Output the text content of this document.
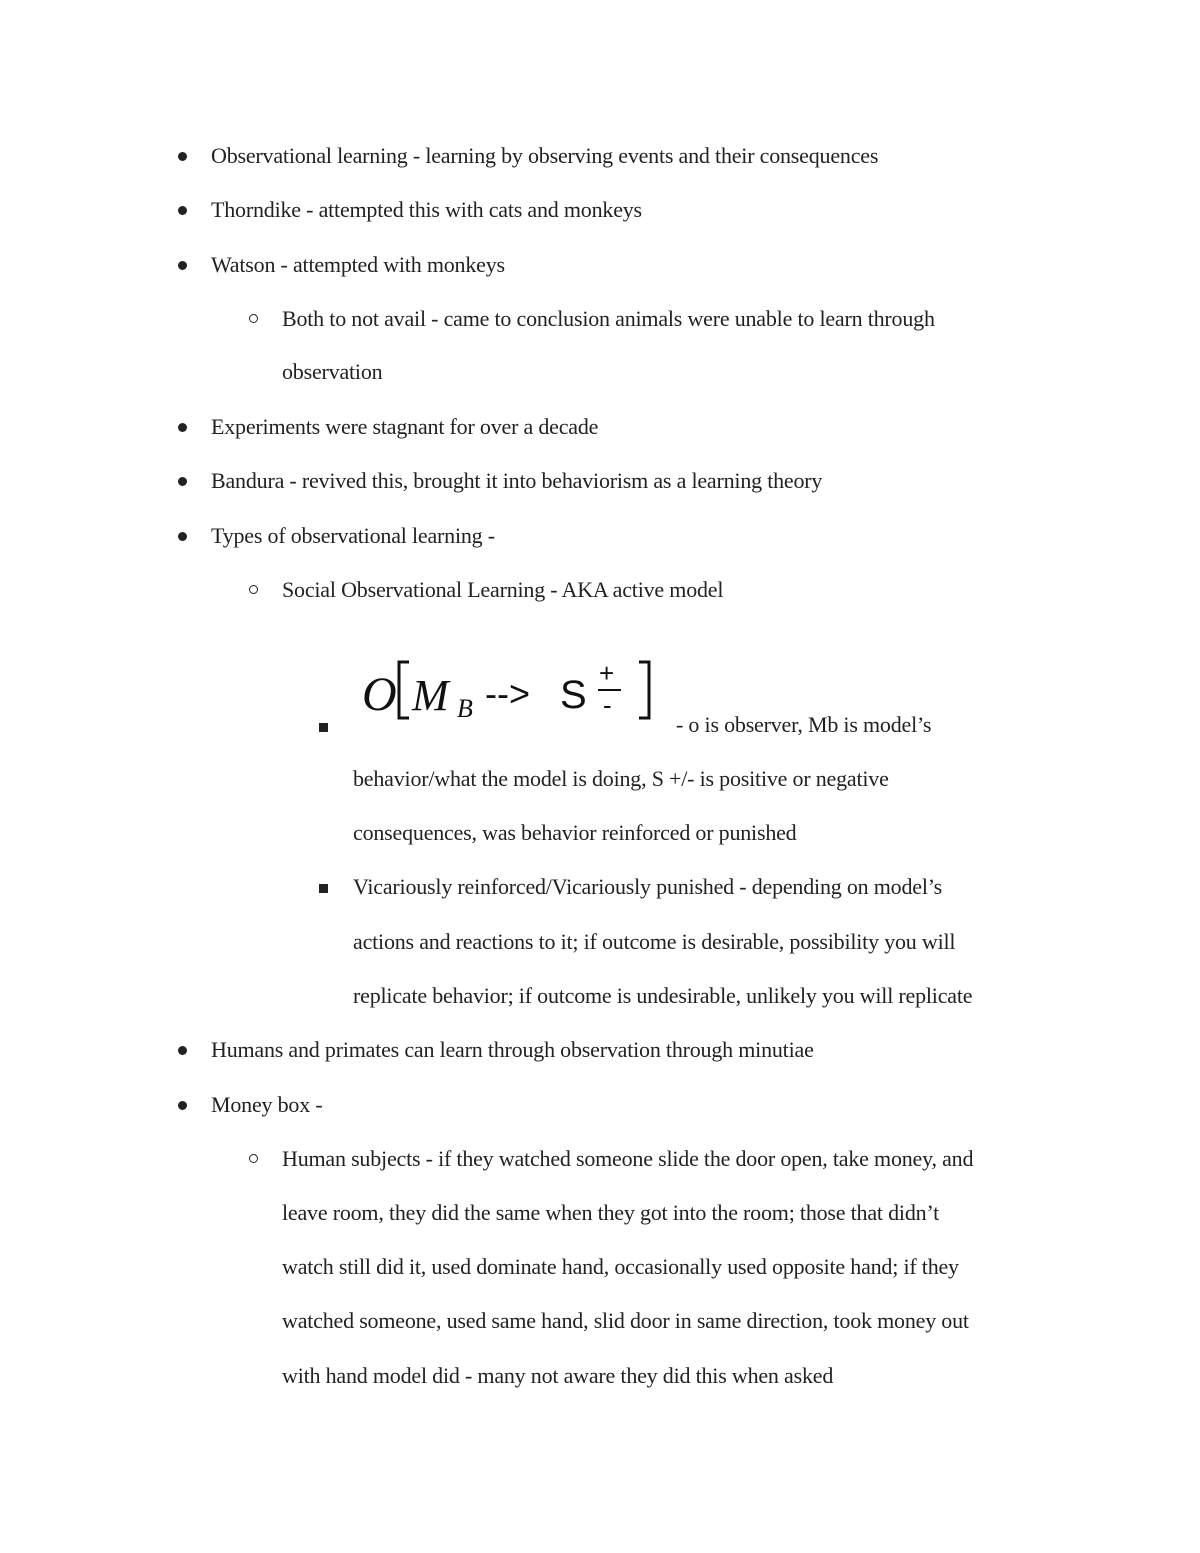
Observational learning - learning by observing events and their consequences
Thorndike - attempted this with cats and monkeys
Watson - attempted with monkeys
Both to not avail - came to conclusion animals were unable to learn through
observation
Experiments were stagnant for over a decade
Bandura - revived this, brought it into behaviorism as a learning theory
Types of observational learning -
Social Observational Learning - AKA active model
O M B --> S +
-
- o is observer, Mb is model’s
behavior/what the model is doing, S +/- is positive or negative
consequences, was behavior reinforced or punished
Vicariously reinforced/Vicariously punished - depending on model’s
actions and reactions to it; if outcome is desirable, possibility you will
replicate behavior; if outcome is undesirable, unlikely you will replicate
Humans and primates can learn through observation through minutiae
Money box -
Human subjects - if they watched someone slide the door open, take money, and
leave room, they did the same when they got into the room; those that didn’t
watch still did it, used dominate hand, occasionally used opposite hand; if they
watched someone, used same hand, slid door in same direction, took money out
with hand model did - many not aware they did this when asked
